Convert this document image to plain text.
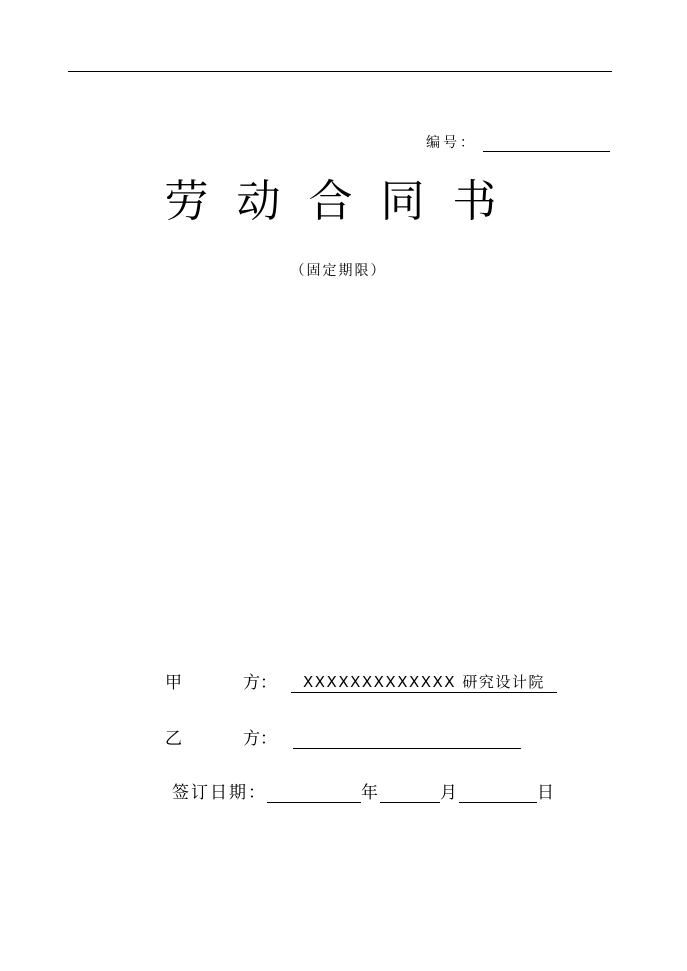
编号：
劳动合同书
（固定期限）
甲	方：	XXXXXXXXXXXXX 研究设计院
乙	方：
签订日期：	年	月	日
